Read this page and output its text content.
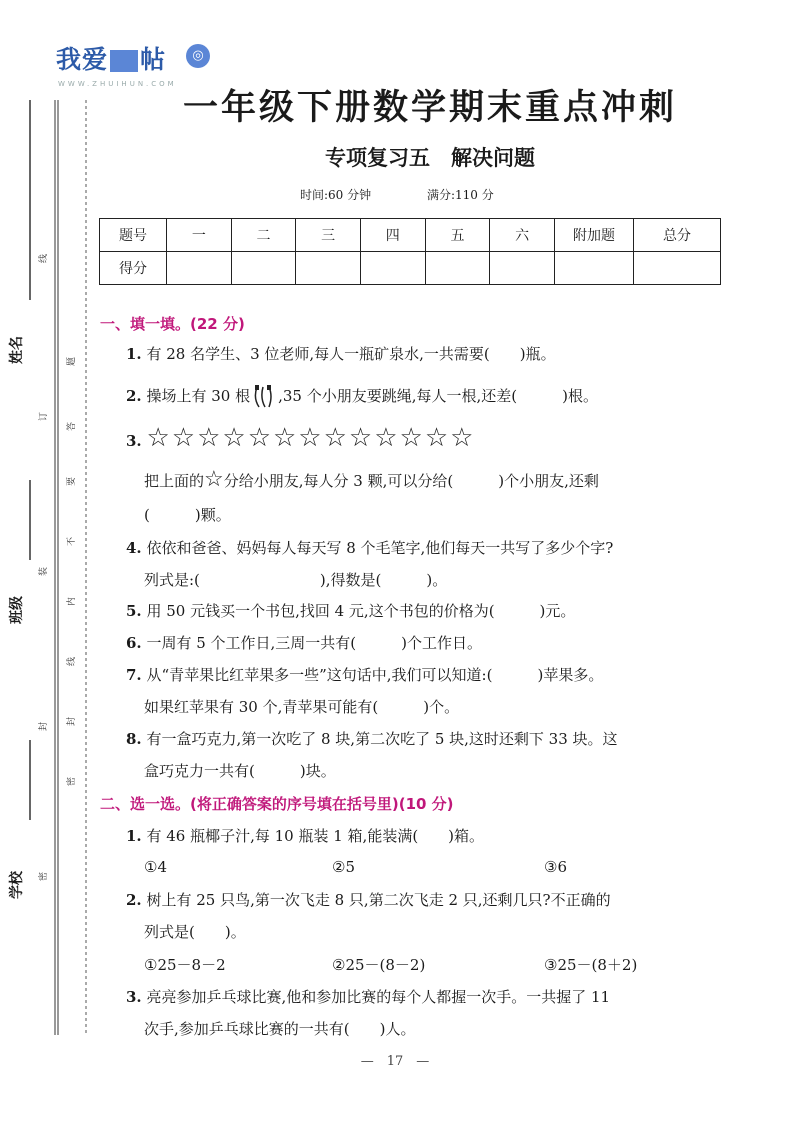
我爱 帖	◎
WWW.ZHUIHUN.COM
姓名
班级
学校
线
订
装
封
密
题
答
要
不
内
线
封
密
一年级下册数学期末重点冲刺
专项复习五　解决问题
时间:60 分钟	满分:110 分
题号	一	二	三	四	五	六	附加题	总分
得分								
一、填一填。(22 分)
1. 有 28 名学生、3 位老师,每人一瓶矿泉水,一共需要(　　)瓶。
2. 操场上有 30 根 ,35 个小朋友要跳绳,每人一根,还差(　　　)根。
3. ☆☆☆☆☆☆☆☆☆☆☆☆☆
把上面的☆分给小朋友,每人分 3 颗,可以分给(　　　)个小朋友,还剩
(　　　)颗。
4. 依依和爸爸、妈妈每人每天写 8 个毛笔字,他们每天一共写了多少个字?
列式是:(　　　　　　　　),得数是(　　　)。
5. 用 50 元钱买一个书包,找回 4 元,这个书包的价格为(　　　)元。
6. 一周有 5 个工作日,三周一共有(　　　)个工作日。
7. 从“青苹果比红苹果多一些”这句话中,我们可以知道:(　　　)苹果多。
如果红苹果有 30 个,青苹果可能有(　　　)个。
8. 有一盒巧克力,第一次吃了 8 块,第二次吃了 5 块,这时还剩下 33 块。这
盒巧克力一共有(　　　)块。
二、选一选。(将正确答案的序号填在括号里)(10 分)
1. 有 46 瓶椰子汁,每 10 瓶装 1 箱,能装满(　　)箱。
①4	②5	③6
2. 树上有 25 只鸟,第一次飞走 8 只,第二次飞走 2 只,还剩几只?不正确的
列式是(　　)。
①25－8－2	②25－(8－2)	③25－(8＋2)
3. 亮亮参加乒乓球比赛,他和参加比赛的每个人都握一次手。一共握了 11
次手,参加乒乓球比赛的一共有(　　)人。
—　17　—
